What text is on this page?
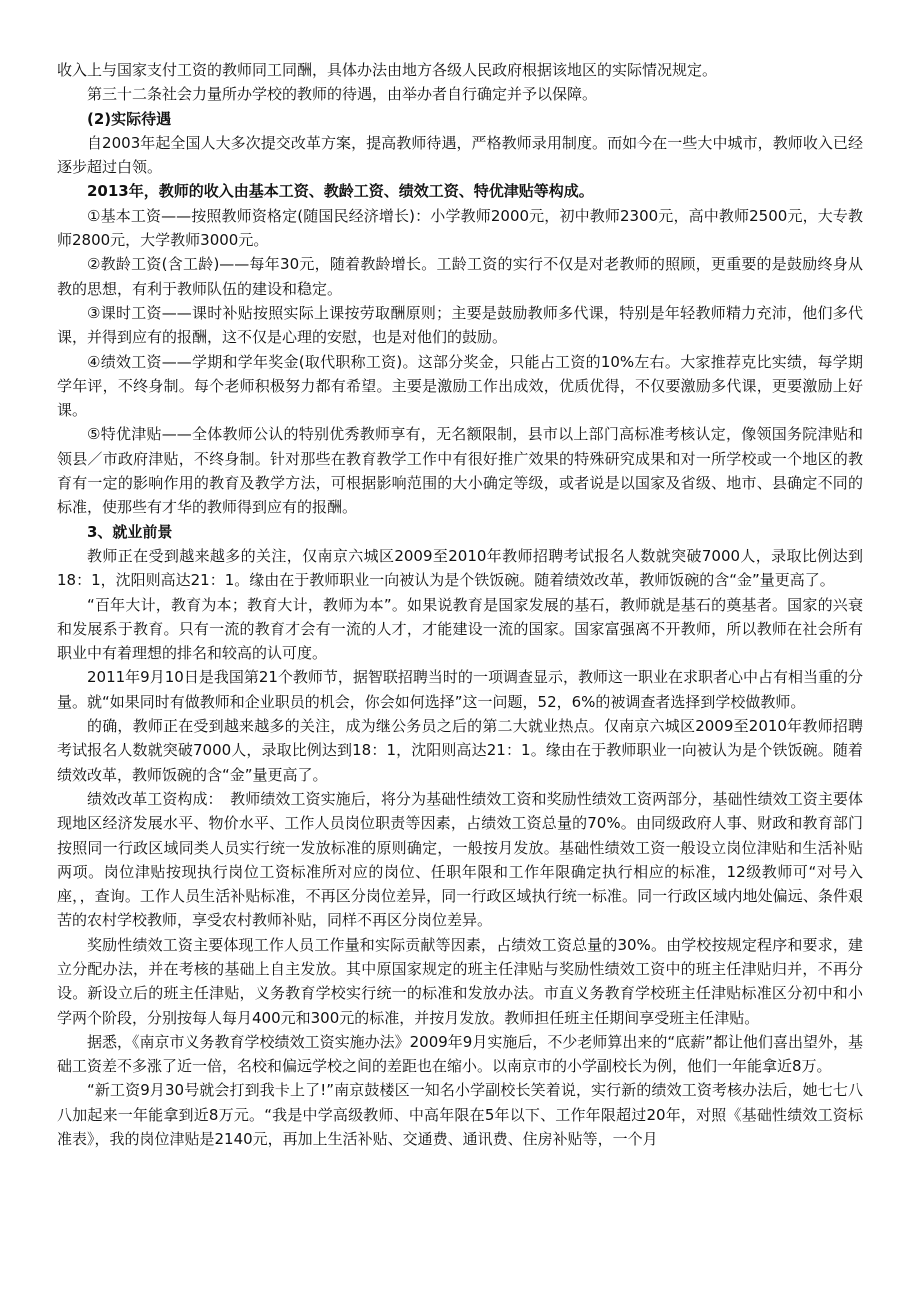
收入上与国家支付工资的教师同工同酬，具体办法由地方各级人民政府根据该地区的实际情况规定。

第三十二条社会力量所办学校的教师的待遇，由举办者自行确定并予以保障。

(2)实际待遇

自2003年起全国人大多次提交改革方案，提高教师待遇，严格教师录用制度。而如今在一些大中城市，教师收入已经逐步超过白领。

2013年，教师的收入由基本工资、教龄工资、绩效工资、特优津贴等构成。

①基本工资——按照教师资格定(随国民经济增长)：小学教师2000元，初中教师2300元，高中教师2500元，大专教师2800元，大学教师3000元。

②教龄工资(含工龄)——每年30元，随着教龄增长。工龄工资的实行不仅是对老教师的照顾，更重要的是鼓励终身从教的思想，有利于教师队伍的建设和稳定。

③课时工资——课时补贴按照实际上课按劳取酬原则；主要是鼓励教师多代课，特别是年轻教师精力充沛，他们多代课，并得到应有的报酬，这不仅是心理的安慰，也是对他们的鼓励。

④绩效工资——学期和学年奖金(取代职称工资)。这部分奖金，只能占工资的10%左右。大家推荐克比实绩，每学期学年评，不终身制。每个老师积极努力都有希望。主要是激励工作出成效，优质优得，不仅要激励多代课，更要激励上好课。

⑤特优津贴——全体教师公认的特别优秀教师享有，无名额限制，县市以上部门高标准考核认定，像领国务院津贴和领县／市政府津贴，不终身制。针对那些在教育教学工作中有很好推广效果的特殊研究成果和对一所学校或一个地区的教育有一定的影响作用的教育及教学方法，可根据影响范围的大小确定等级，或者说是以国家及省级、地市、县确定不同的标准，使那些有才华的教师得到应有的报酬。

3、就业前景

教师正在受到越来越多的关注，仅南京六城区2009至2010年教师招聘考试报名人数就突破7000人，录取比例达到18：1，沈阳则高达21：1。缘由在于教师职业一向被认为是个铁饭碗。随着绩效改革，教师饭碗的含“金”量更高了。

“百年大计，教育为本；教育大计，教师为本”。如果说教育是国家发展的基石，教师就是基石的奠基者。国家的兴衰和发展系于教育。只有一流的教育才会有一流的人才，才能建设一流的国家。国家富强离不开教师，所以教师在社会所有职业中有着理想的排名和较高的认可度。

2011年9月10日是我国第21个教师节，据智联招聘当时的一项调查显示，教师这一职业在求职者心中占有相当重的分量。就“如果同时有做教师和企业职员的机会，你会如何选择”这一问题，52，6%的被调查者选择到学校做教师。

的确，教师正在受到越来越多的关注，成为继公务员之后的第二大就业热点。仅南京六城区2009至2010年教师招聘考试报名人数就突破7000人，录取比例达到18：1，沈阳则高达21：1。缘由在于教师职业一向被认为是个铁饭碗。随着绩效改革，教师饭碗的含“金”量更高了。

绩效改革工资构成：　教师绩效工资实施后，将分为基础性绩效工资和奖励性绩效工资两部分，基础性绩效工资主要体现地区经济发展水平、物价水平、工作人员岗位职责等因素，占绩效工资总量的70%。由同级政府人事、财政和教育部门按照同一行政区域同类人员实行统一发放标准的原则确定，一般按月发放。基础性绩效工资一般设立岗位津贴和生活补贴两项。岗位津贴按现执行岗位工资标准所对应的岗位、任职年限和工作年限确定执行相应的标准，12级教师可“对号入座，，查询。工作人员生活补贴标准，不再区分岗位差异，同一行政区域执行统一标准。同一行政区域内地处偏远、条件艰苦的农村学校教师，享受农村教师补贴，同样不再区分岗位差异。

奖励性绩效工资主要体现工作人员工作量和实际贡献等因素，占绩效工资总量的30%。由学校按规定程序和要求，建立分配办法，并在考核的基础上自主发放。其中原国家规定的班主任津贴与奖励性绩效工资中的班主任津贴归并，不再分设。新设立后的班主任津贴，义务教育学校实行统一的标准和发放办法。市直义务教育学校班主任津贴标准区分初中和小学两个阶段，分别按每人每月400元和300元的标准，并按月发放。教师担任班主任期间享受班主任津贴。

据悉，《南京市义务教育学校绩效工资实施办法》2009年9月实施后，不少老师算出来的“底薪”都让他们喜出望外，基础工资差不多涨了近一倍，名校和偏远学校之间的差距也在缩小。以南京市的小学副校长为例，他们一年能拿近8万。

“新工资9月30号就会打到我卡上了!”南京鼓楼区一知名小学副校长笑着说，实行新的绩效工资考核办法后，她七七八八加起来一年能拿到近8万元。“我是中学高级教师、中高年限在5年以下、工作年限超过20年，对照《基础性绩效工资标准表》，我的岗位津贴是2140元，再加上生活补贴、交通费、通讯费、住房补贴等，一个月
